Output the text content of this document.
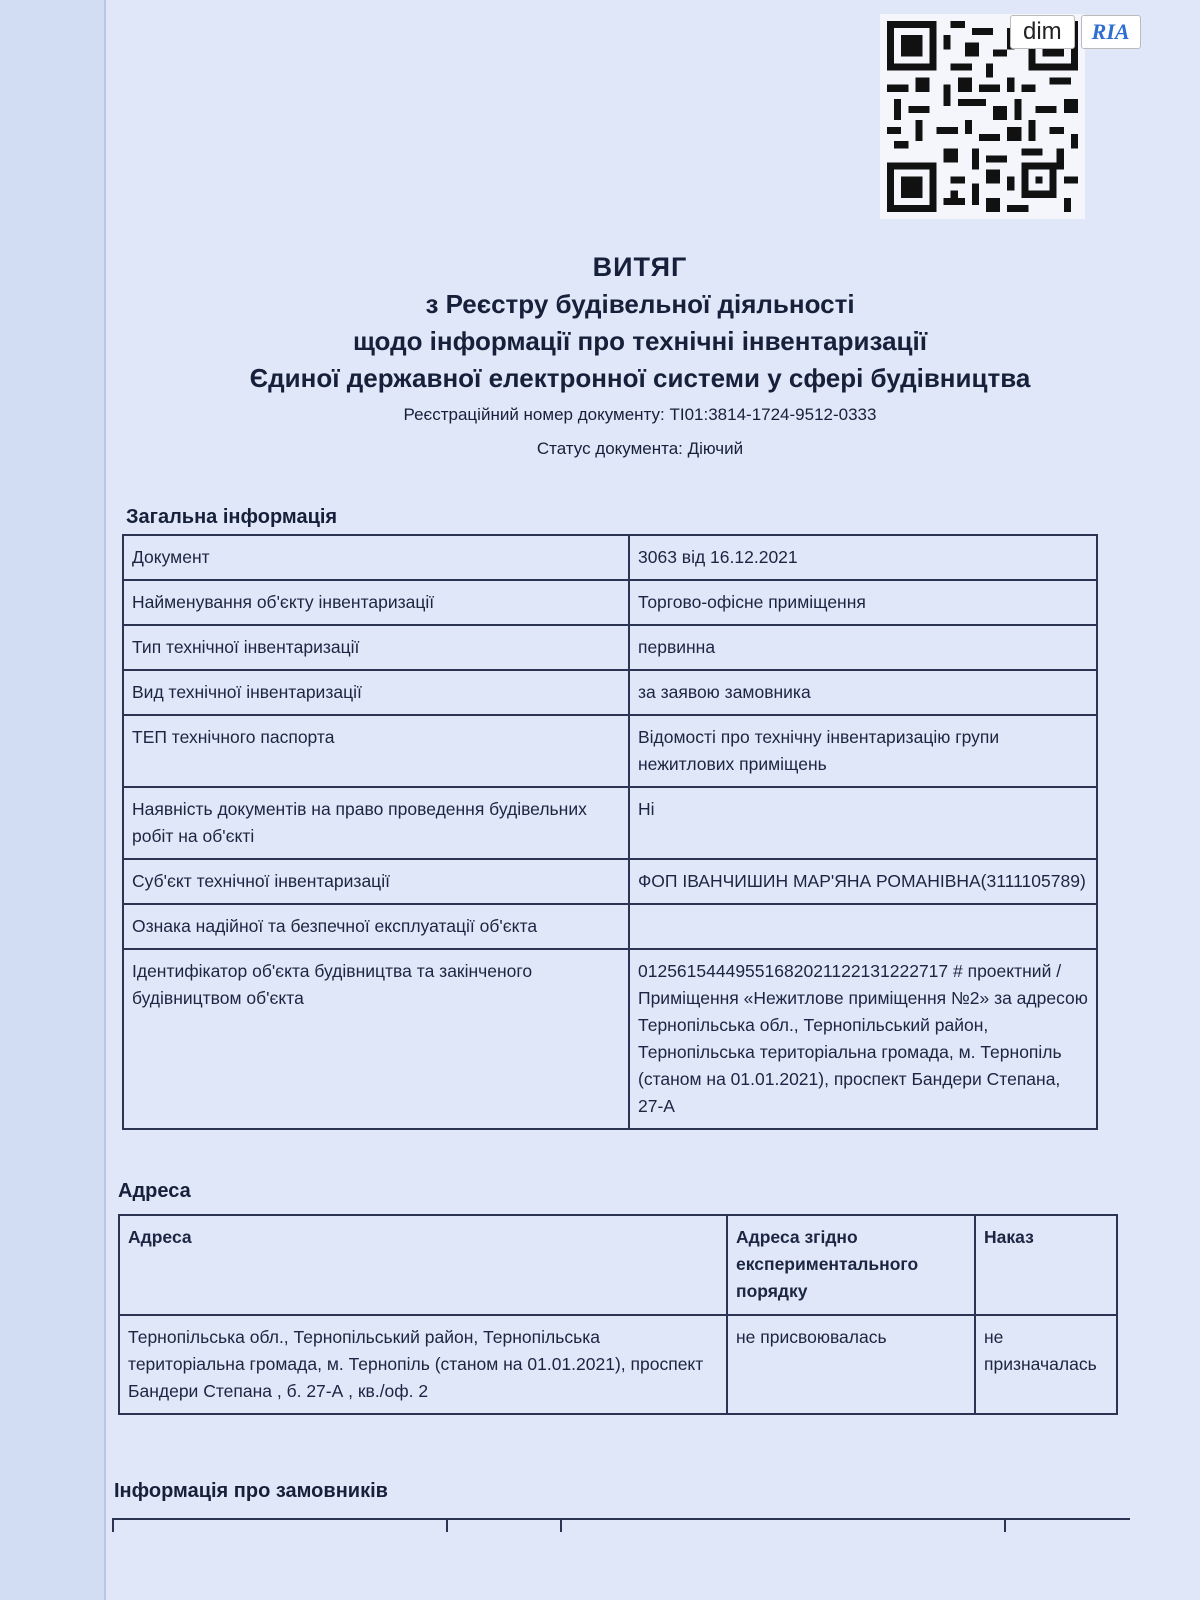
dim	RIA
ВИТЯГ
з Реєстру будівельної діяльності
щодо інформації про технічні інвентаризації
Єдиної державної електронної системи у сфері будівництва
Реєстраційний номер документу: ТІ01:3814-1724-9512-0333
Статус документа: Діючий
Загальна інформація
Документ	3063 від 16.12.2021
Найменування об'єкту інвентаризації	Торгово-офісне приміщення
Тип технічної інвентаризації	первинна
Вид технічної інвентаризації	за заявою замовника
ТЕП технічного паспорта	Відомості про технічну інвентаризацію групи нежитлових приміщень
Наявність документів на право проведення будівельних робіт на об'єкті	Ні
Суб'єкт технічної інвентаризації	ФОП ІВАНЧИШИН МАР'ЯНА РОМАНІВНА(3111105789)
Ознака надійної та безпечної експлуатації об'єкта	
Ідентифікатор об'єкта будівництва та закінченого будівництвом об'єкта	0125615444955168202112213122271​7 # проектний / Приміщення «Нежитлове приміщення №2» за адресою Тернопільська обл., Тернопільський район, Тернопільська територіальна громада, м. Тернопіль (станом на 01.01.2021), проспект Бандери Степана, 27-А
Адреса
Адреса	Адреса згідно експериментального порядку	Наказ
Тернопільська обл., Тернопільський район, Тернопільська територіальна громада, м. Тернопіль (станом на 01.01.2021), проспект Бандери Степана , б. 27-А , кв./оф. 2	не присвоювалась	не призначалась
Інформація про замовників
